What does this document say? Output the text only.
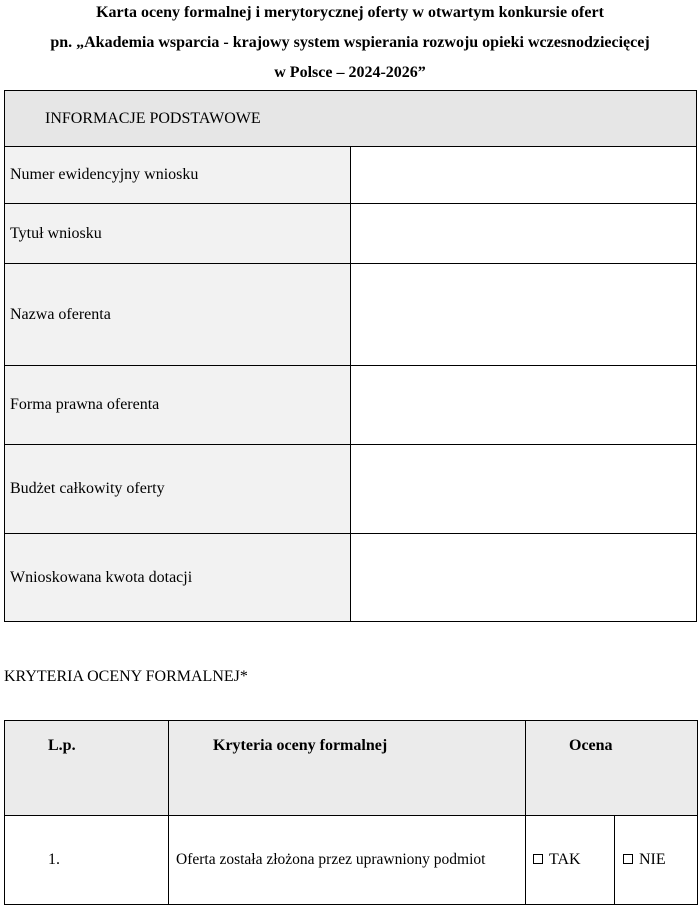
Karta oceny formalnej i merytorycznej oferty w otwartym konkursie ofert
pn. „Akademia wsparcia - krajowy system wspierania rozwoju opieki wczesnodziecięcej
w Polsce – 2024-2026”
INFORMACJE PODSTAWOWE	
Numer ewidencyjny wniosku	
Tytuł wniosku	
Nazwa oferenta	
Forma prawna oferenta	
Budżet całkowity oferty	
Wnioskowana kwota dotacji	
KRYTERIA OCENY FORMALNEJ*
L.p.	Kryteria oceny formalnej	Ocena	
1.	Oferta została złożona przez uprawniony podmiot	TAK	NIE
